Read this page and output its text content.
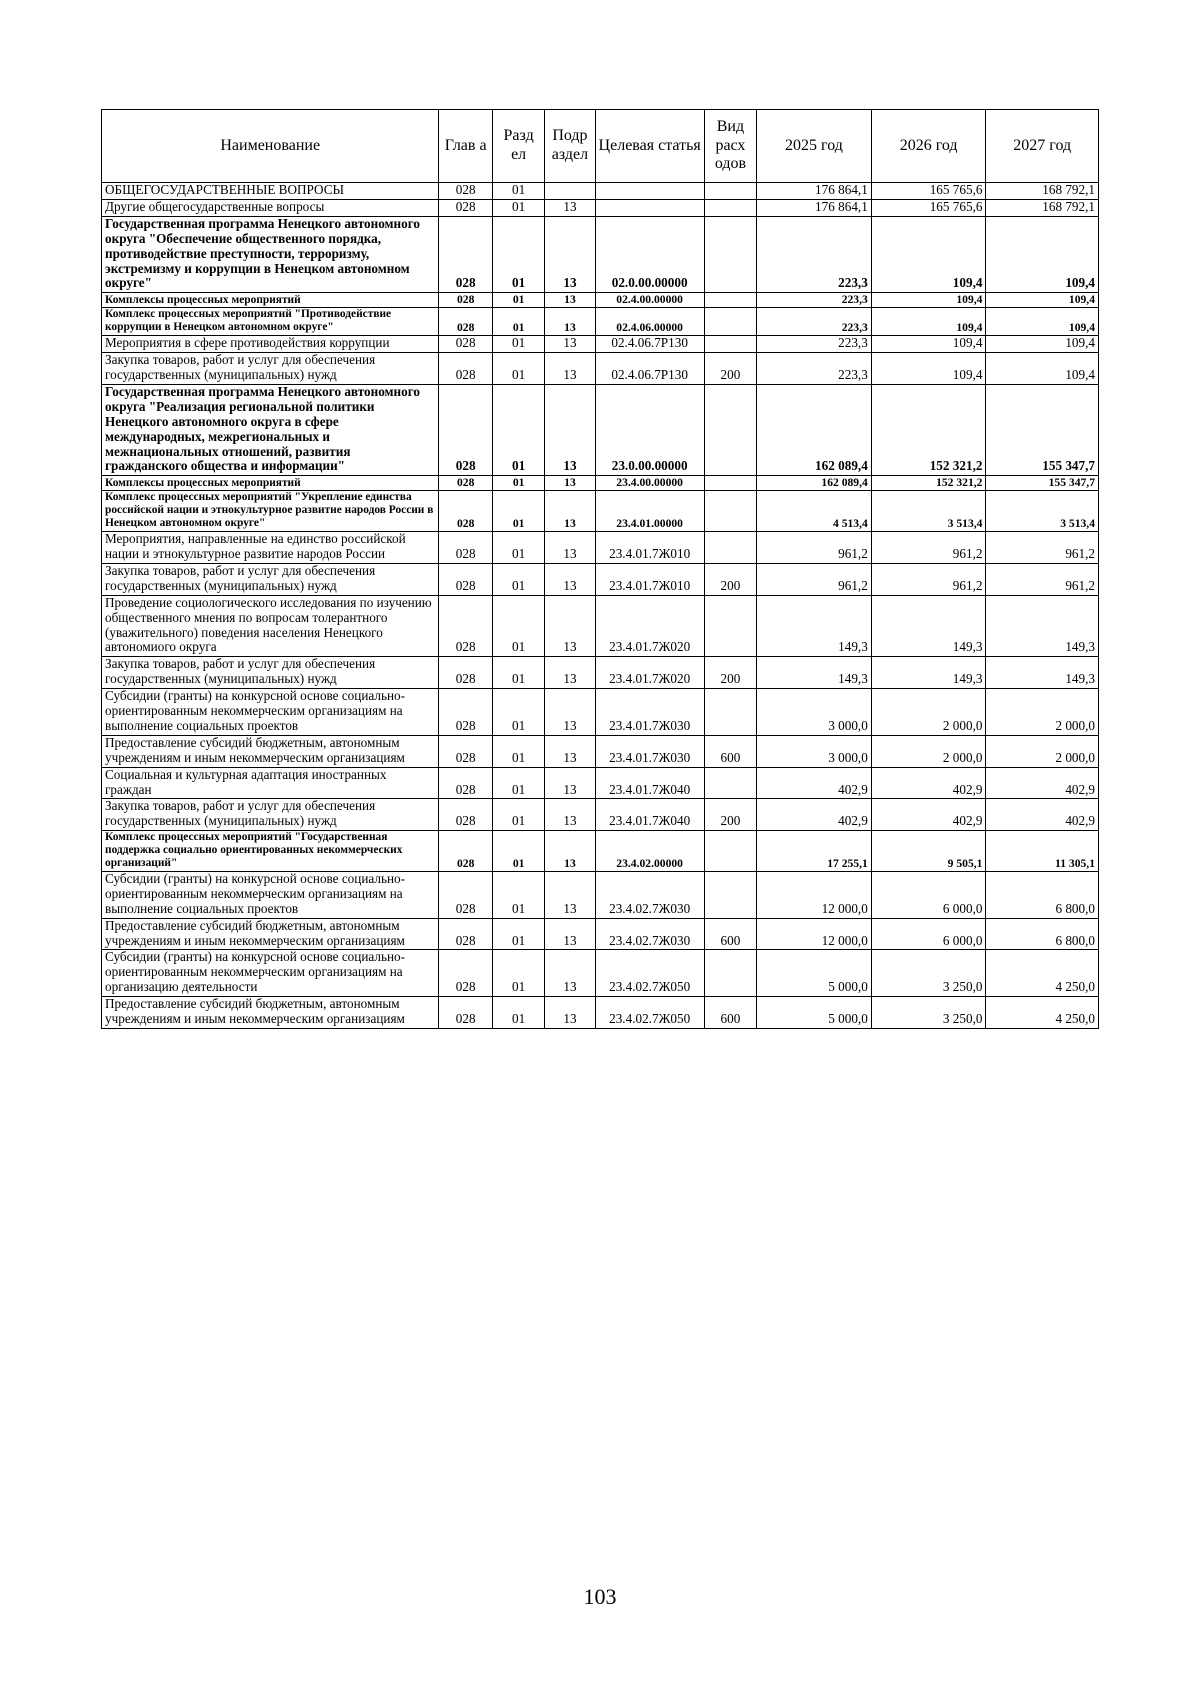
Наименование	Глав а	Разд ел	Подр аздел	Целевая статья	Вид расх одов	2025 год	2026 год	2027 год
ОБЩЕГОСУДАРСТВЕННЫЕ ВОПРОСЫ	028	01				176 864,1	165 765,6	168 792,1
Другие общегосударственные вопросы	028	01	13			176 864,1	165 765,6	168 792,1
Государственная программа Ненецкого автономного округа "Обеспечение общественного порядка, противодействие преступности, терроризму, экстремизму и коррупции в Ненецком автономном округе"	028	01	13	02.0.00.00000		223,3	109,4	109,4
Комплексы процессных мероприятий	028	01	13	02.4.00.00000		223,3	109,4	109,4
Комплекс процессных мероприятий "Противодействие коррупции в Ненецком автономном округе"	028	01	13	02.4.06.00000		223,3	109,4	109,4
Мероприятия в сфере противодействия коррупции	028	01	13	02.4.06.7Р130		223,3	109,4	109,4
Закупка товаров, работ и услуг для обеспечения государственных (муниципальных) нужд	028	01	13	02.4.06.7Р130	200	223,3	109,4	109,4
Государственная программа Ненецкого автономного округа "Реализация региональной политики Ненецкого автономного округа в сфере международных, межрегиональных и межнациональных отношений, развития гражданского общества и информации"	028	01	13	23.0.00.00000		162 089,4	152 321,2	155 347,7
Комплексы процессных мероприятий	028	01	13	23.4.00.00000		162 089,4	152 321,2	155 347,7
Комплекс процессных мероприятий "Укрепление единства российской нации и этнокультурное развитие народов России в Ненецком автономном округе"	028	01	13	23.4.01.00000		4 513,4	3 513,4	3 513,4
Мероприятия, направленные на единство российской нации и этнокультурное развитие народов России	028	01	13	23.4.01.7Ж010		961,2	961,2	961,2
Закупка товаров, работ и услуг для обеспечения государственных (муниципальных) нужд	028	01	13	23.4.01.7Ж010	200	961,2	961,2	961,2
Проведение социологического исследования по изучению общественного мнения по вопросам толерантного (уважительного) поведения населения Ненецкого автономиого округа	028	01	13	23.4.01.7Ж020		149,3	149,3	149,3
Закупка товаров, работ и услуг для обеспечения государственных (муниципальных) нужд	028	01	13	23.4.01.7Ж020	200	149,3	149,3	149,3
Субсидии (гранты) на конкурсной основе социально-ориентированным некоммерческим организациям на выполнение социальных проектов	028	01	13	23.4.01.7Ж030		3 000,0	2 000,0	2 000,0
Предоставление субсидий бюджетным, автономным учреждениям и иным некоммерческим организациям	028	01	13	23.4.01.7Ж030	600	3 000,0	2 000,0	2 000,0
Социальная и культурная адаптация иностранных граждан	028	01	13	23.4.01.7Ж040		402,9	402,9	402,9
Закупка товаров, работ и услуг для обеспечения государственных (муниципальных) нужд	028	01	13	23.4.01.7Ж040	200	402,9	402,9	402,9
Комплекс процессных мероприятий "Государственная поддержка социально ориентированных некоммерческих организаций"	028	01	13	23.4.02.00000		17 255,1	9 505,1	11 305,1
Субсидии (гранты) на конкурсной основе социально-ориентированным некоммерческим организациям на выполнение социальных проектов	028	01	13	23.4.02.7Ж030		12 000,0	6 000,0	6 800,0
Предоставление субсидий бюджетным, автономным учреждениям и иным некоммерческим организациям	028	01	13	23.4.02.7Ж030	600	12 000,0	6 000,0	6 800,0
Субсидии (гранты) на конкурсной основе социально-ориентированным некоммерческим организациям на организацию деятельности	028	01	13	23.4.02.7Ж050		5 000,0	3 250,0	4 250,0
Предоставление субсидий бюджетным, автономным учреждениям и иным некоммерческим организациям	028	01	13	23.4.02.7Ж050	600	5 000,0	3 250,0	4 250,0
103
